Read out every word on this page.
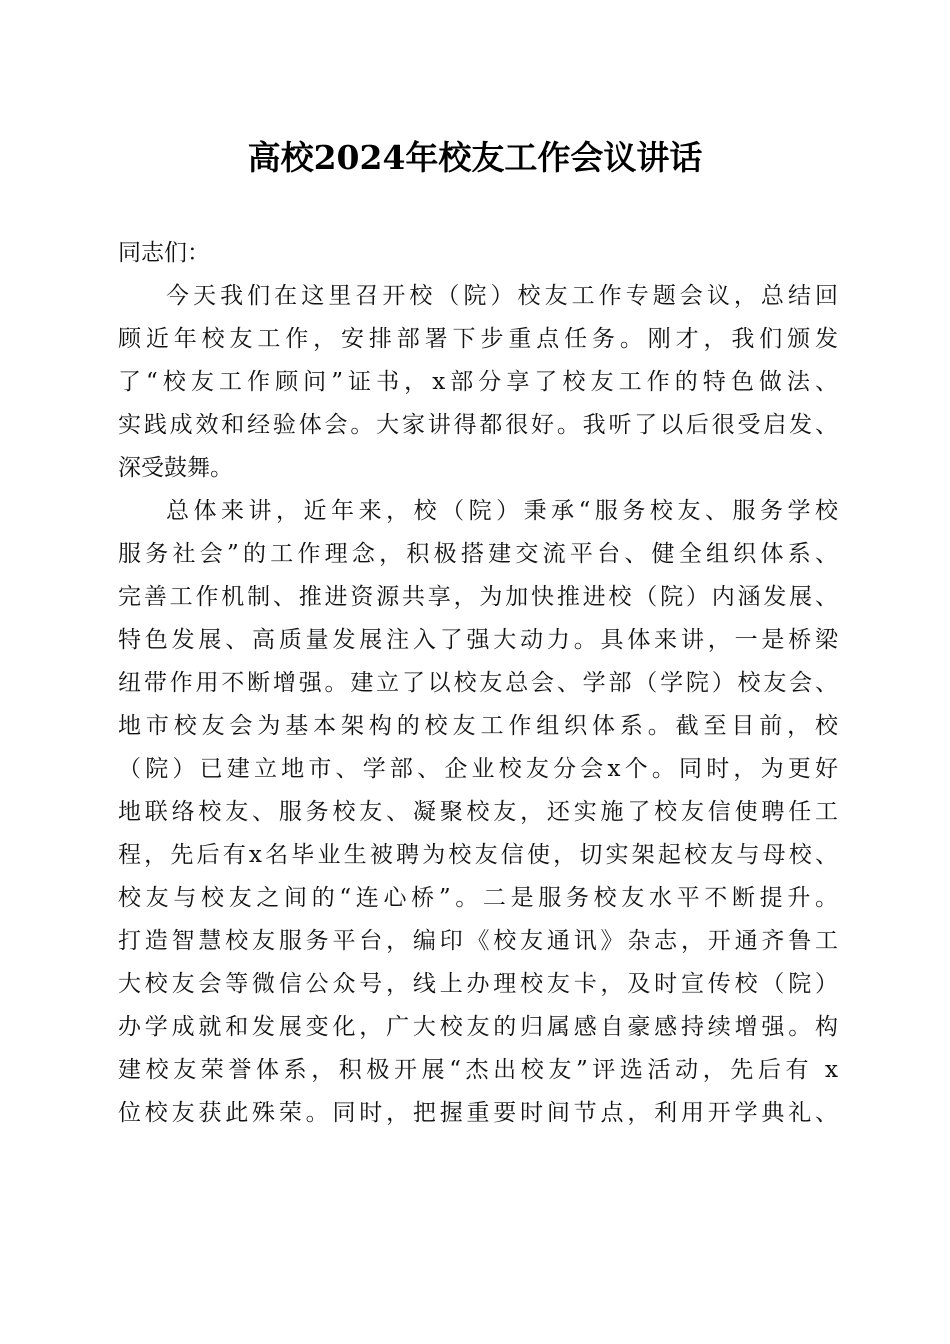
高校2024年校友工作会议讲话
同志们：
今天我们在这里召开校（院）校友工作专题会议，总结回
顾近年校友工作，安排部署下步重点任务。刚才，我们颁发
了“校友工作顾问”证书，x部分享了校友工作的特色做法、
实践成效和经验体会。大家讲得都很好。我听了以后很受启发、
深受鼓舞。
总体来讲，近年来，校（院）秉承“服务校友、服务学校
服务社会”的工作理念，积极搭建交流平台、健全组织体系、
完善工作机制、推进资源共享，为加快推进校（院）内涵发展、
特色发展、高质量发展注入了强大动力。具体来讲，一是桥梁
纽带作用不断增强。建立了以校友总会、学部（学院）校友会、
地市校友会为基本架构的校友工作组织体系。截至目前，校
（院）已建立地市、学部、企业校友分会x个。同时，为更好
地联络校友、服务校友、凝聚校友，还实施了校友信使聘任工
程，先后有x名毕业生被聘为校友信使，切实架起校友与母校、
校友与校友之间的“连心桥”。二是服务校友水平不断提升。
打造智慧校友服务平台，编印《校友通讯》杂志，开通齐鲁工
大校友会等微信公众号，线上办理校友卡，及时宣传校（院）
办学成就和发展变化，广大校友的归属感自豪感持续增强。构
建校友荣誉体系，积极开展“杰出校友”评选活动，先后有 x
位校友获此殊荣。同时，把握重要时间节点，利用开学典礼、
